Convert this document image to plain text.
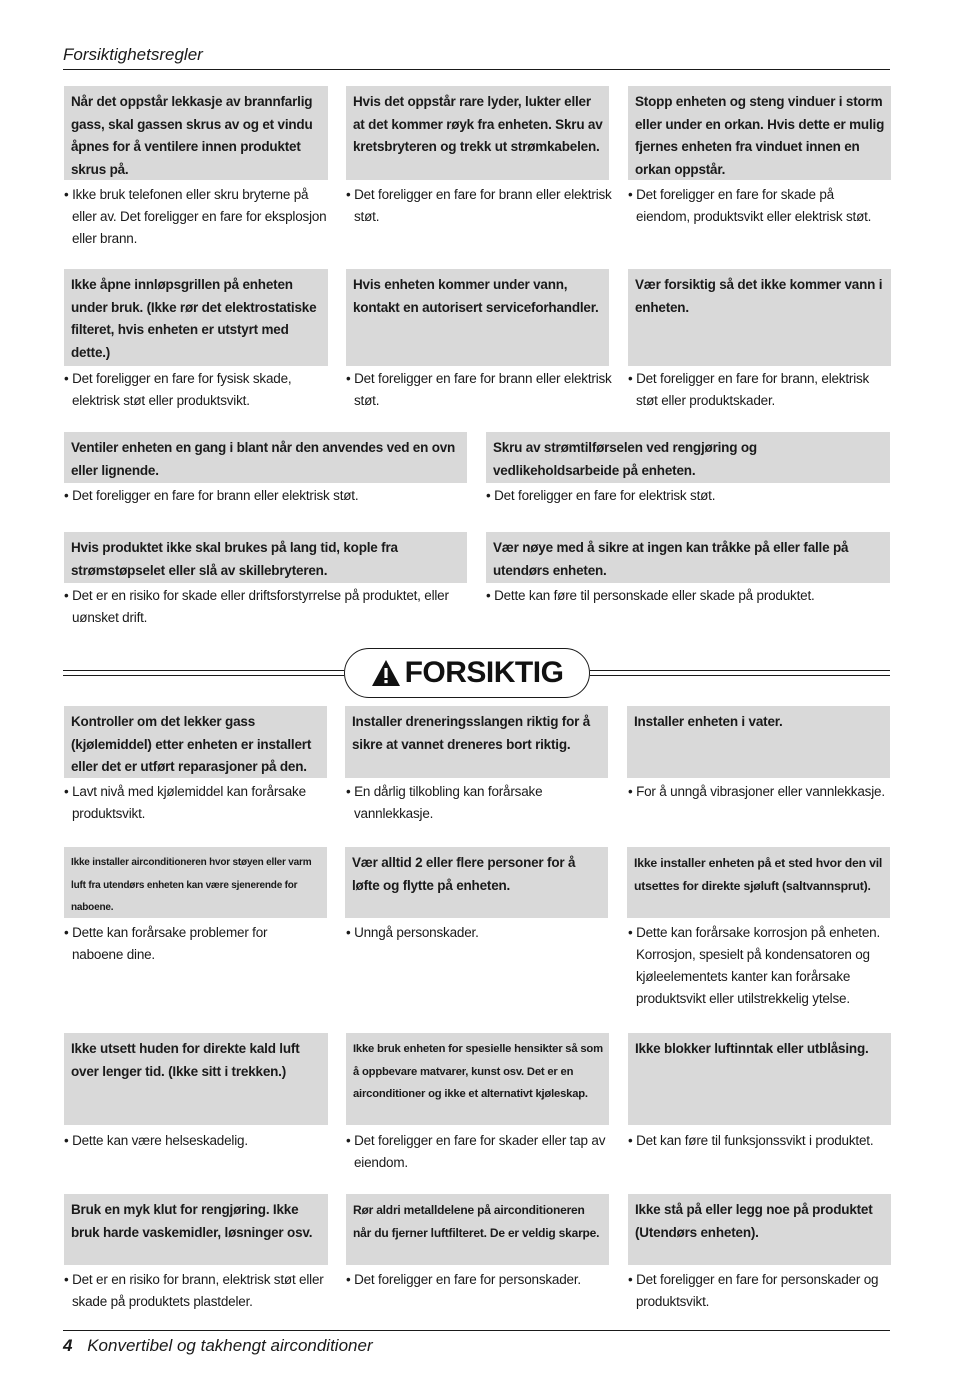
Forsiktighetsregler
Når det oppstår lekkasje av brannfarlig gass, skal gassen skrus av og et vindu åpnes for å ventilere innen produktet skrus på.
• Ikke bruk telefonen eller skru bryterne på eller av. Det foreligger en fare for eksplosjon eller brann.
Hvis det oppstår rare lyder, lukter eller at det kommer røyk fra enheten. Skru av kretsbryteren og trekk ut strømkabelen.
• Det foreligger en fare for brann eller elektrisk støt.
Stopp enheten og steng vinduer i storm eller under en orkan. Hvis dette er mulig fjernes enheten fra vinduet innen en orkan oppstår.
• Det foreligger en fare for skade på eiendom, produktsvikt eller elektrisk støt.
Ikke åpne innløpsgrillen på enheten under bruk. (Ikke rør det elektrostatiske filteret, hvis enheten er utstyrt med dette.)
• Det foreligger en fare for fysisk skade, elektrisk støt eller produktsvikt.
Hvis enheten kommer under vann, kontakt en autorisert serviceforhandler.
• Det foreligger en fare for brann eller elektrisk støt.
Vær forsiktig så det ikke kommer vann i enheten.
• Det foreligger en fare for brann, elektrisk støt eller produktskader.
Ventiler enheten en gang i blant når den anvendes ved en ovn eller lignende.
• Det foreligger en fare for brann eller elektrisk støt.
Skru av strømtilførselen ved rengjøring og vedlikeholdsarbeide på enheten.
• Det foreligger en fare for elektrisk støt.
Hvis produktet ikke skal brukes på lang tid, kople fra strømstøpselet eller slå av skillebryteren.
• Det er en risiko for skade eller driftsforstyrrelse på produktet, eller uønsket drift.
Vær nøye med å sikre at ingen kan tråkke på eller falle på utendørs enheten.
• Dette kan føre til personskade eller skade på produktet.
FORSIKTIG
Kontroller om det lekker gass (kjølemiddel) etter enheten er installert eller det er utført reparasjoner på den.
• Lavt nivå med kjølemiddel kan forårsake produktsvikt.
Installer dreneringsslangen riktig for å sikre at vannet dreneres bort riktig.
• En dårlig tilkobling kan forårsake vannlekkasje.
Installer enheten i vater.
• For å unngå vibrasjoner eller vannlekkasje.
Ikke installer airconditioneren hvor støyen eller varm luft fra utendørs enheten kan være sjenerende for naboene.
• Dette kan forårsake problemer for naboene dine.
Vær alltid 2 eller flere personer for å løfte og flytte på enheten.
• Unngå personskader.
Ikke installer enheten på et sted hvor den vil utsettes for direkte sjøluft (saltvannsprut).
• Dette kan forårsake korrosjon på enheten. Korrosjon, spesielt på kondensatoren og kjøleelementets kanter kan forårsake produktsvikt eller utilstrekkelig ytelse.
Ikke utsett huden for direkte kald luft over lenger tid. (Ikke sitt i trekken.)
• Dette kan være helseskadelig.
Ikke bruk enheten for spesielle hensikter så som å oppbevare matvarer, kunst osv. Det er en airconditioner og ikke et alternativt kjøleskap.
• Det foreligger en fare for skader eller tap av eiendom.
Ikke blokker luftinntak eller utblåsing.
• Det kan føre til funksjonssvikt i produktet.
Bruk en myk klut for rengjøring. Ikke bruk harde vaskemidler, løsninger osv.
• Det er en risiko for brann, elektrisk støt eller skade på produktets plastdeler.
Rør aldri metalldelene på airconditioneren når du fjerner luftfilteret. De er veldig skarpe.
• Det foreligger en fare for personskader.
Ikke stå på eller legg noe på produktet (Utendørs enheten).
• Det foreligger en fare for personskader og produktsvikt.
4 Konvertibel og takhengt airconditioner
